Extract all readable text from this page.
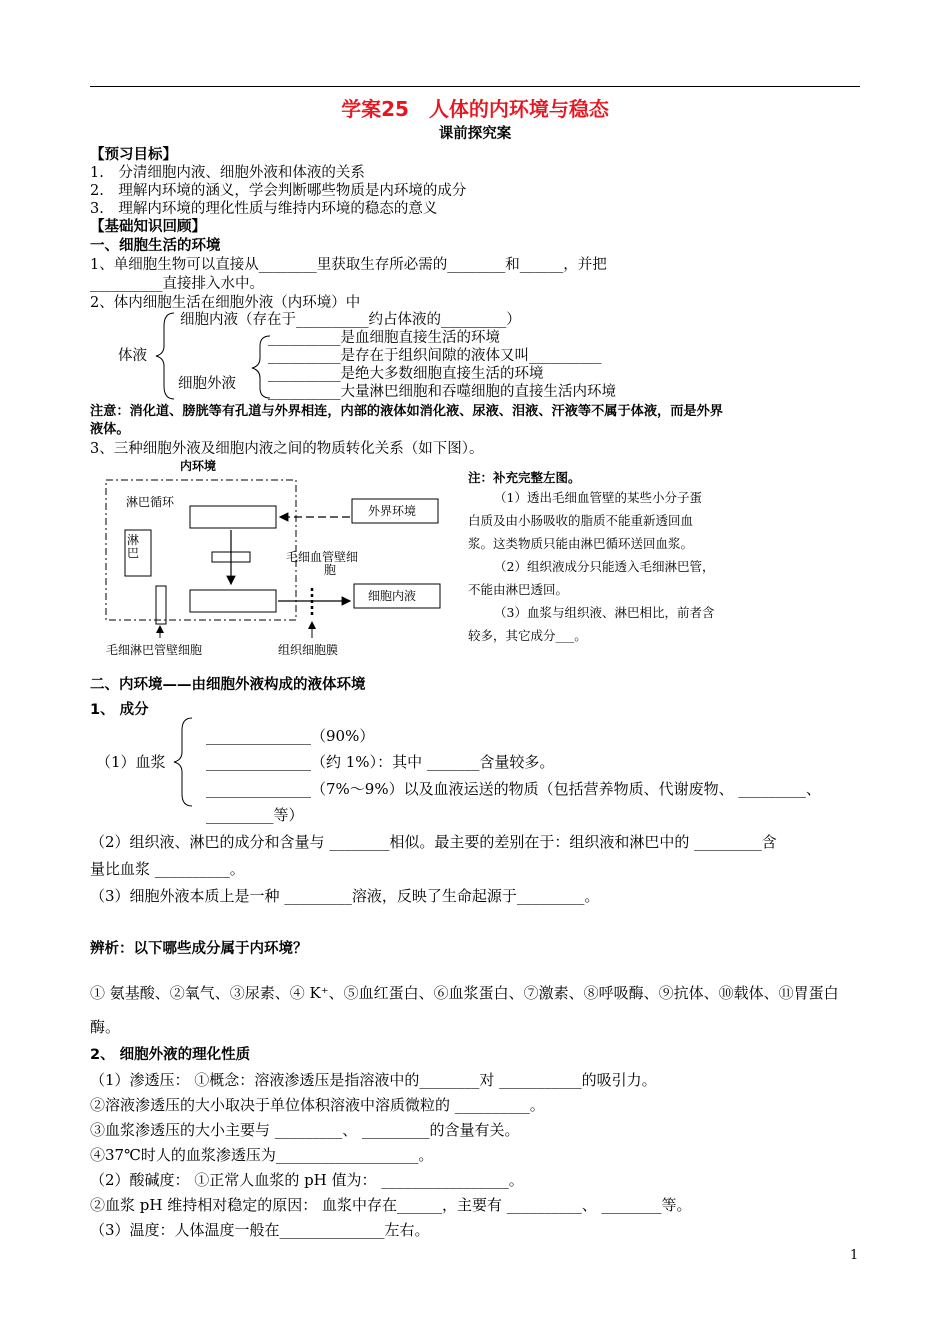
学案25　人体的内环境与稳态
课前探究案
【预习目标】
1.　分清细胞内液、细胞外液和体液的关系
2.　理解内环境的涵义，学会判断哪些物质是内环境的成分
3.　理解内环境的理化性质与维持内环境的稳态的意义
【基础知识回顾】
一、细胞生活的环境
1、单细胞生物可以直接从________里获取生存所必需的________和______，并把
__________直接排入水中。
2、体内细胞生活在细胞外液（内环境）中
体液
细胞内液（存在于__________约占体液的_________）
细胞外液
__________是血细胞直接生活的环境
__________是存在于组织间隙的液体又叫__________
__________是绝大多数细胞直接生活的环境
__________大量淋巴细胞和吞噬细胞的直接生活内环境
注意：消化道、膀胱等有孔道与外界相连，内部的液体如消化液、尿液、泪液、汗液等不属于体液，而是外界
液体。
3、三种细胞外液及细胞内液之间的物质转化关系（如下图）。
内环境
淋巴循环
淋
巴	毛细血管壁细
胞
外界环境
细胞内液
毛细淋巴管壁细胞	组织细胞膜
注：补充完整左图。
（1）透出毛细血管壁的某些小分子蛋
白质及由小肠吸收的脂质不能重新透回血
浆。这类物质只能由淋巴循环送回血浆。
（2）组织液成分只能透入毛细淋巴管，
不能由淋巴透回。
（3）血浆与组织液、淋巴相比，前者含
较多，其它成分___。
二、内环境——由细胞外液构成的液体环境
1、 成分
（1）血浆
______________（90%）
______________（约 1%）：其中 _______含量较多。
______________（7%～9%）以及血液运送的物质（包括营养物质、代谢废物、 _________、
_________等）
（2）组织液、淋巴的成分和含量与 ________相似。最主要的差别在于：组织液和淋巴中的 _________含
量比血浆 __________。
（3）细胞外液本质上是一种 _________溶液，反映了生命起源于_________。
辨析：以下哪些成分属于内环境？
① 氨基酸、②氧气、③尿素、④ K⁺、⑤血红蛋白、⑥血浆蛋白、⑦激素、⑧呼吸酶、⑨抗体、⑩载体、⑪胃蛋白
酶。
2、 细胞外液的理化性质
（1）渗透压： ①概念：溶液渗透压是指溶液中的________对 ___________的吸引力。
②溶液渗透压的大小取决于单位体积溶液中溶质微粒的 __________。
③血浆渗透压的大小主要与 _________、 _________的含量有关。
④37℃时人的血浆渗透压为___________________。
（2）酸碱度： ①正常人血浆的 pH 值为： _________________。
②血浆 pH 维持相对稳定的原因： 血浆中存在______，主要有 __________、 ________等。
（3）温度：人体温度一般在______________左右。
1
